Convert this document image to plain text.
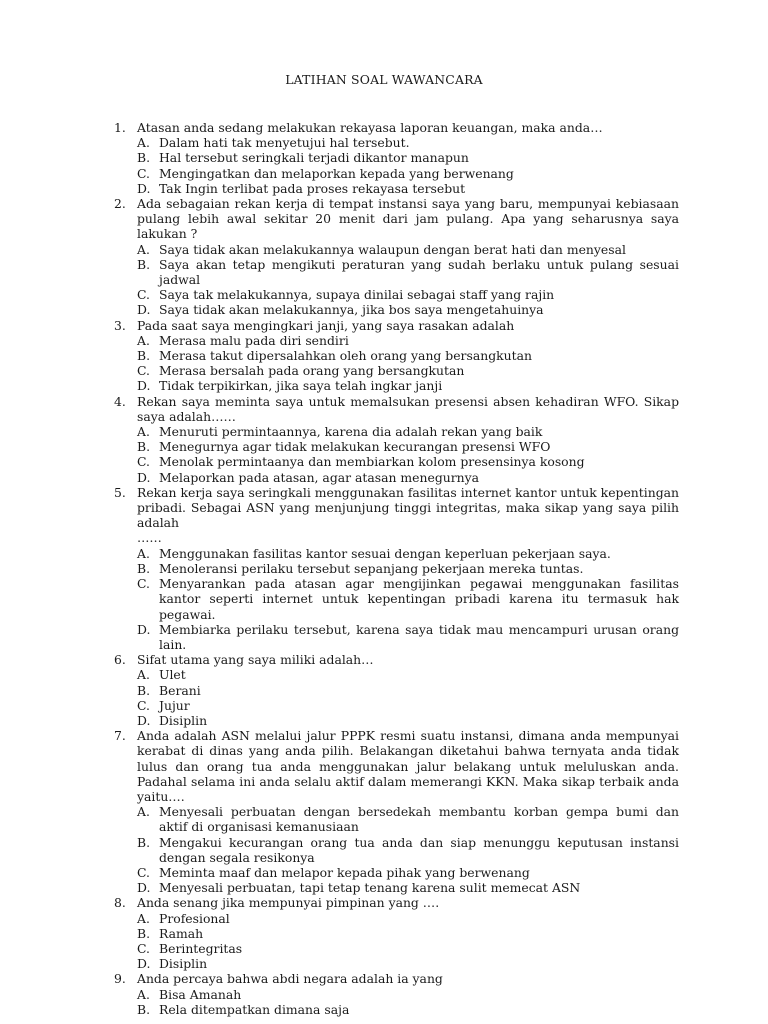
LATIHAN SOAL WAWANCARA
1. Atasan anda sedang melakukan rekayasa laporan keuangan, maka anda…
A. Dalam hati tak menyetujui hal tersebut.
B. Hal tersebut seringkali terjadi dikantor manapun
C. Mengingatkan dan melaporkan kepada yang berwenang
D. Tak Ingin terlibat pada proses rekayasa tersebut
2. Ada sebagaian rekan kerja di tempat instansi saya yang baru, mempunyai kebiasaan pulang lebih awal sekitar 20 menit dari jam pulang. Apa yang seharusnya saya lakukan ?
A. Saya tidak akan melakukannya walaupun dengan berat hati dan menyesal
B. Saya akan tetap mengikuti peraturan yang sudah berlaku untuk pulang sesuai jadwal
C. Saya tak melakukannya, supaya dinilai sebagai staff yang rajin
D. Saya tidak akan melakukannya, jika bos saya mengetahuinya
3. Pada saat saya mengingkari janji, yang saya rasakan adalah
A. Merasa malu pada diri sendiri
B. Merasa takut dipersalahkan oleh orang yang bersangkutan
C. Merasa bersalah pada orang yang bersangkutan
D. Tidak terpikirkan, jika saya telah ingkar janji
4. Rekan saya meminta saya untuk memalsukan presensi absen kehadiran WFO. Sikap saya adalah……
A. Menuruti permintaannya, karena dia adalah rekan yang baik
B. Menegurnya agar tidak melakukan kecurangan presensi WFO
C. Menolak permintaanya dan membiarkan kolom presensinya kosong
D. Melaporkan pada atasan, agar atasan menegurnya
5. Rekan kerja saya seringkali menggunakan fasilitas internet kantor untuk kepentingan pribadi. Sebagai ASN yang menjunjung tinggi integritas, maka sikap yang saya pilih adalah
……
A. Menggunakan fasilitas kantor sesuai dengan keperluan pekerjaan saya.
B. Menoleransi perilaku tersebut sepanjang pekerjaan mereka tuntas.
C. Menyarankan pada atasan agar mengijinkan pegawai menggunakan fasilitas kantor seperti internet untuk kepentingan pribadi karena itu termasuk hak pegawai.
D. Membiarka perilaku tersebut, karena saya tidak mau mencampuri urusan orang lain.
6. Sifat utama yang saya miliki adalah…
A. Ulet
B. Berani
C. Jujur
D. Disiplin
7. Anda adalah ASN melalui jalur PPPK resmi suatu instansi, dimana anda mempunyai kerabat di dinas yang anda pilih. Belakangan diketahui bahwa ternyata anda tidak lulus dan orang tua anda menggunakan jalur belakang untuk meluluskan anda. Padahal selama ini anda selalu aktif dalam memerangi KKN. Maka sikap terbaik anda yaitu….
A. Menyesali perbuatan dengan bersedekah membantu korban gempa bumi dan aktif di organisasi kemanusiaan
B. Mengakui kecurangan orang tua anda dan siap menunggu keputusan instansi dengan segala resikonya
C. Meminta maaf dan melapor kepada pihak yang berwenang
D. Menyesali perbuatan, tapi tetap tenang karena sulit memecat ASN
8. Anda senang jika mempunyai pimpinan yang ….
A. Profesional
B. Ramah
C. Berintegritas
D. Disiplin
9. Anda percaya bahwa abdi negara adalah ia yang
A. Bisa Amanah
B. Rela ditempatkan dimana saja
